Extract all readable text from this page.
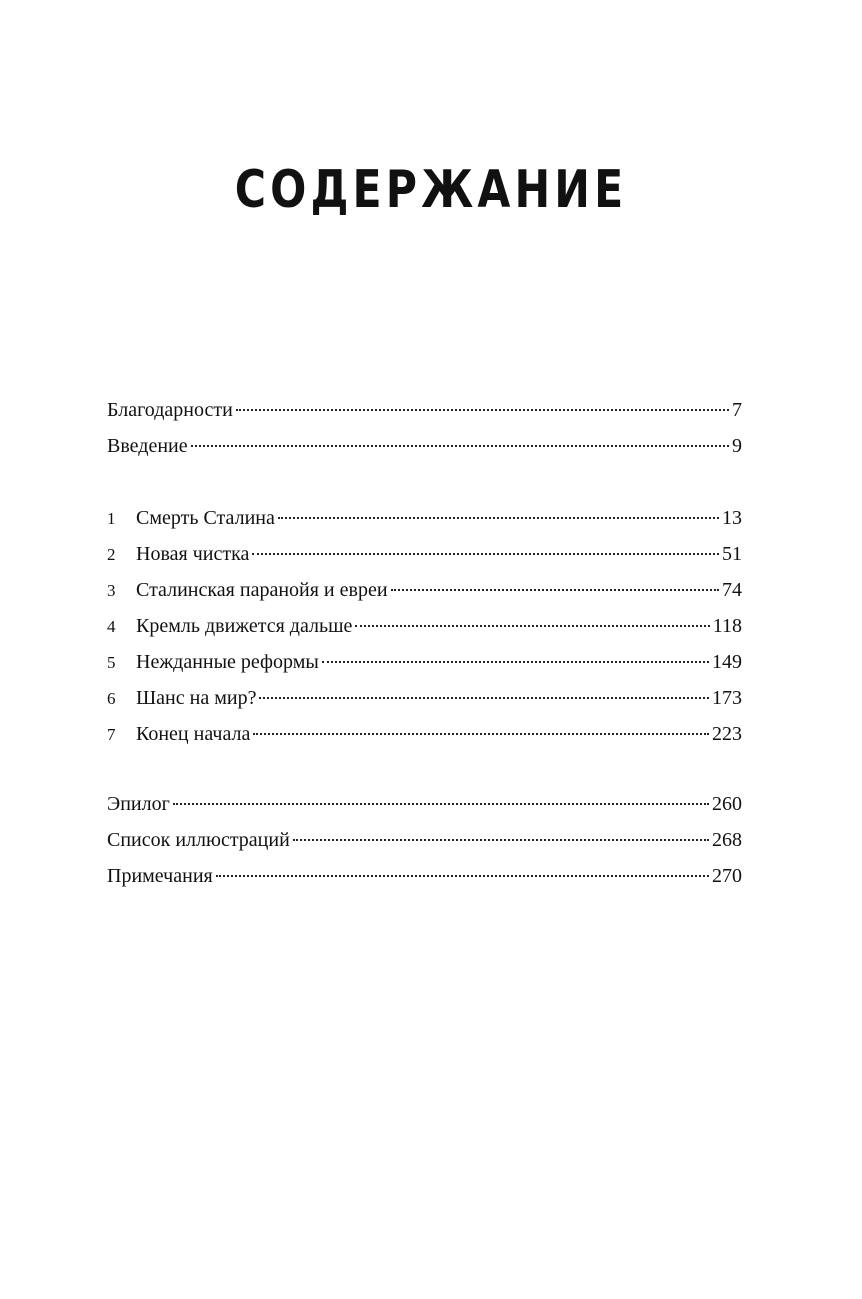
СОДЕРЖАНИЕ
Благодарности	7
Введение	9
1	Смерть Сталина	13
2	Новая чистка	51
3	Сталинская паранойя и евреи	74
4	Кремль движется дальше	118
5	Нежданные реформы	149
6	Шанс на мир?	173
7	Конец начала	223
Эпилог	260
Список иллюстраций	268
Примечания	270
